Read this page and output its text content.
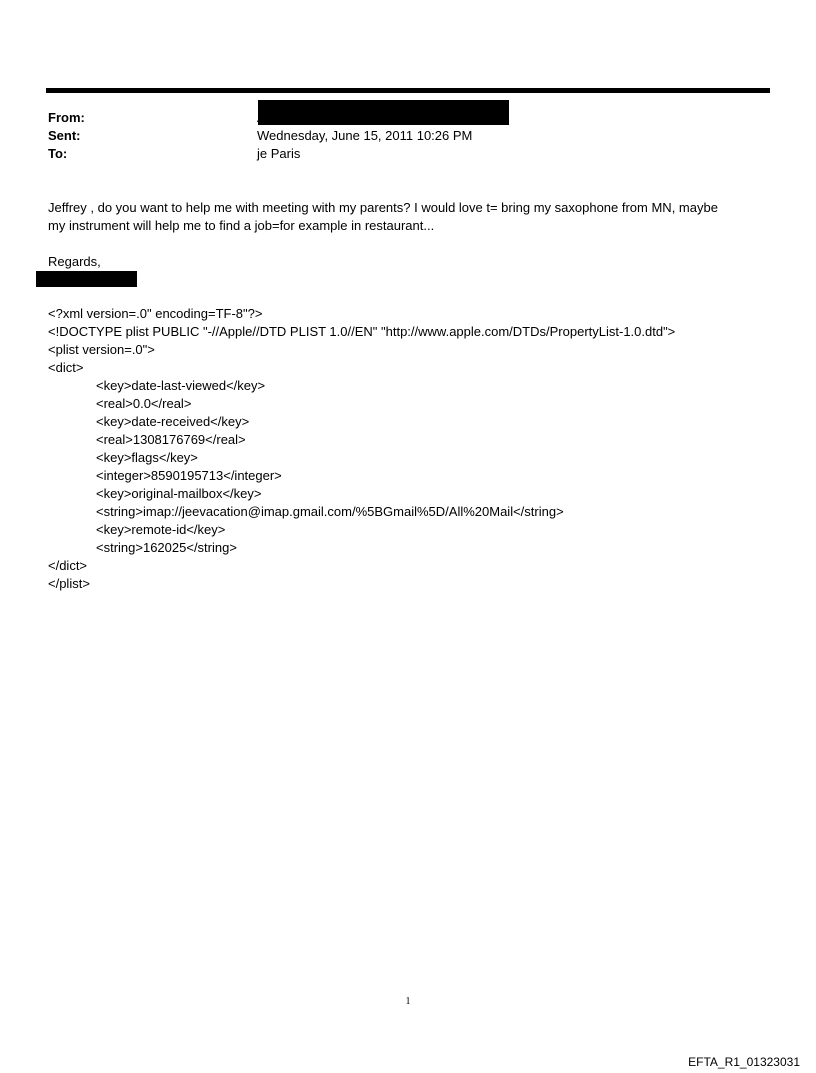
From:
Sent:	Wednesday, June 15, 2011 10:26 PM
To:	je Paris
Jeffrey , do you want to help me with meeting with my parents? I would love t= bring my saxophone from MN, maybe
my instrument will help me to find a job=for example in restaurant...
Regards,
<?xml version=.0" encoding=TF-8"?>
<!DOCTYPE plist PUBLIC "-//Apple//DTD PLIST 1.0//EN" "http://www.apple.com/DTDs/PropertyList-1.0.dtd">
<plist version=.0">
<dict>
<key>date-last-viewed</key>
<real>0.0</real>
<key>date-received</key>
<real>1308176769</real>
<key>flags</key>
<integer>8590195713</integer>
<key>original-mailbox</key>
<string>imap://jeevacation@imap.gmail.com/%5BGmail%5D/All%20Mail</string>
<key>remote-id</key>
<string>162025</string>
</dict>
</plist>
1
EFTA_R1_01323031
